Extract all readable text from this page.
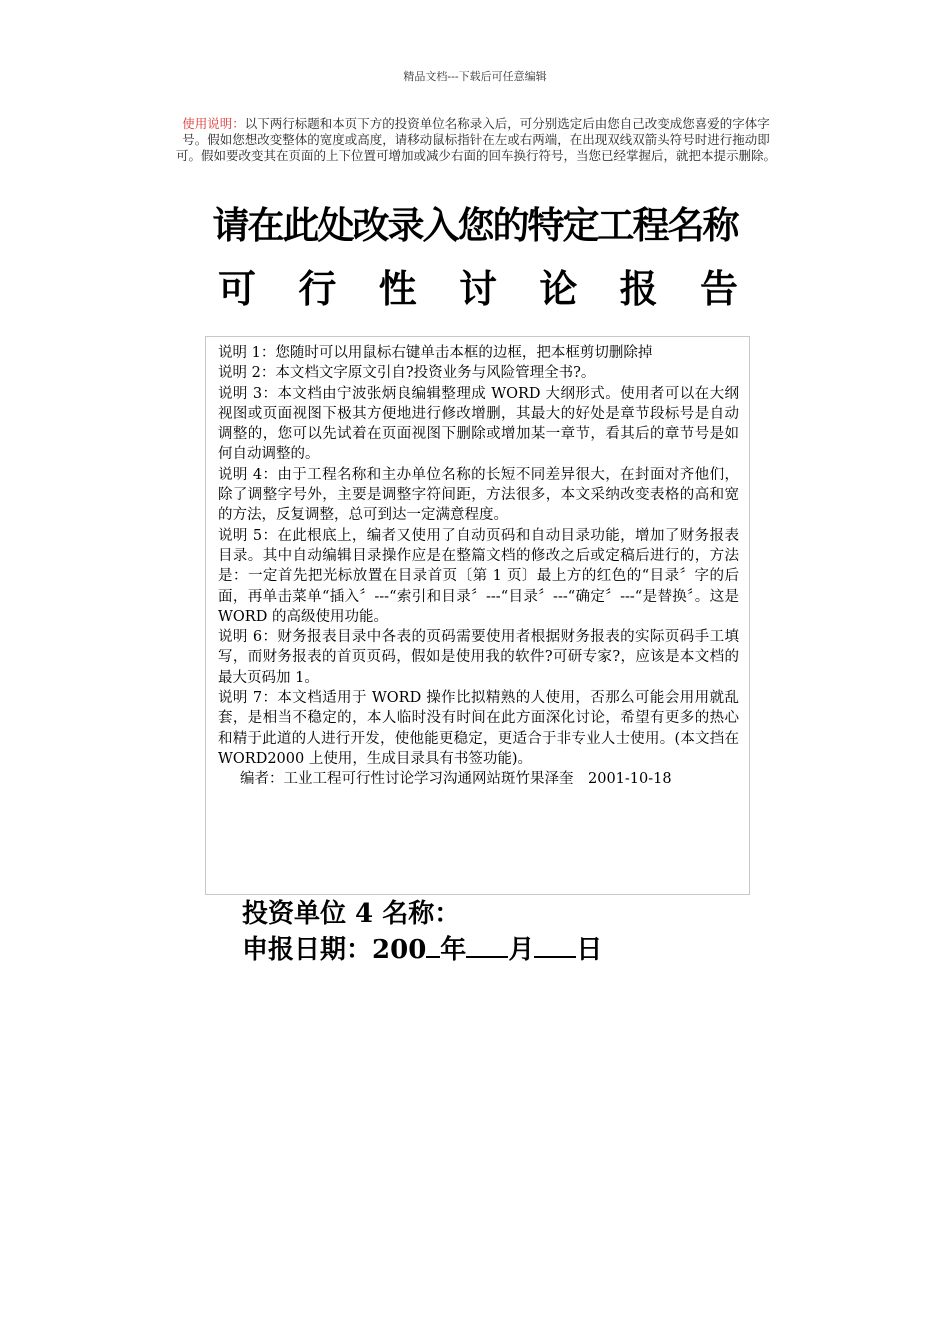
精品文档---下载后可任意编辑
使用说明：以下两行标题和本页下方的投资单位名称录入后，可分别选定后由您自己改变成您喜爱的字体字号。假如您想改变整体的宽度或高度，请移动鼠标指针在左或右两端，在出现双线双箭头符号时进行拖动即可。假如要改变其在页面的上下位置可增加或减少右面的回车换行符号，当您已经掌握后，就把本提示删除。
请在此处改录入您的特定工程名称
可 行 性 讨 论 报 告
说明 1：您随时可以用鼠标右键单击本框的边框，把本框剪切删除掉
说明 2：本文档文字原文引自?投资业务与风险管理全书?。
说明 3：本文档由宁波张炳良编辑整理成 WORD 大纲形式。使用者可以在大纲视图或页面视图下极其方便地进行修改增删，其最大的好处是章节段标号是自动调整的，您可以先试着在页面视图下删除或增加某一章节，看其后的章节号是如何自动调整的。
说明 4：由于工程名称和主办单位名称的长短不同差异很大，在封面对齐他们，除了调整字号外，主要是调整字符间距，方法很多，本文采纳改变表格的高和宽的方法，反复调整，总可到达一定满意程度。
说明 5：在此根底上，编者又使用了自动页码和自动目录功能，增加了财务报表目录。其中自动编辑目录操作应是在整篇文档的修改之后或定稿后进行的，方法是：一定首先把光标放置在目录首页〔第 1 页〕最上方的红色的“目录〞字的后面，再单击菜单“插入〞---“索引和目录〞---“目录〞---“确定〞---“是替换〞。这是 WORD 的高级使用功能。
说明 6：财务报表目录中各表的页码需要使用者根据财务报表的实际页码手工填写，而财务报表的首页页码，假如是使用我的软件?可研专家?，应该是本文档的最大页码加 1。
说明 7：本文档适用于 WORD 操作比拟精熟的人使用，否那么可能会用用就乱套，是相当不稳定的，本人临时没有时间在此方面深化讨论，希望有更多的热心和精于此道的人进行开发，使他能更稳定，更适合于非专业人士使用。(本文挡在 WORD2000 上使用，生成目录具有书签功能)。
编者：工业工程可行性讨论学习沟通网站斑竹果泽奎　2001-10-18
投资单位 4 名称：
申报日期：200 年 月 日
